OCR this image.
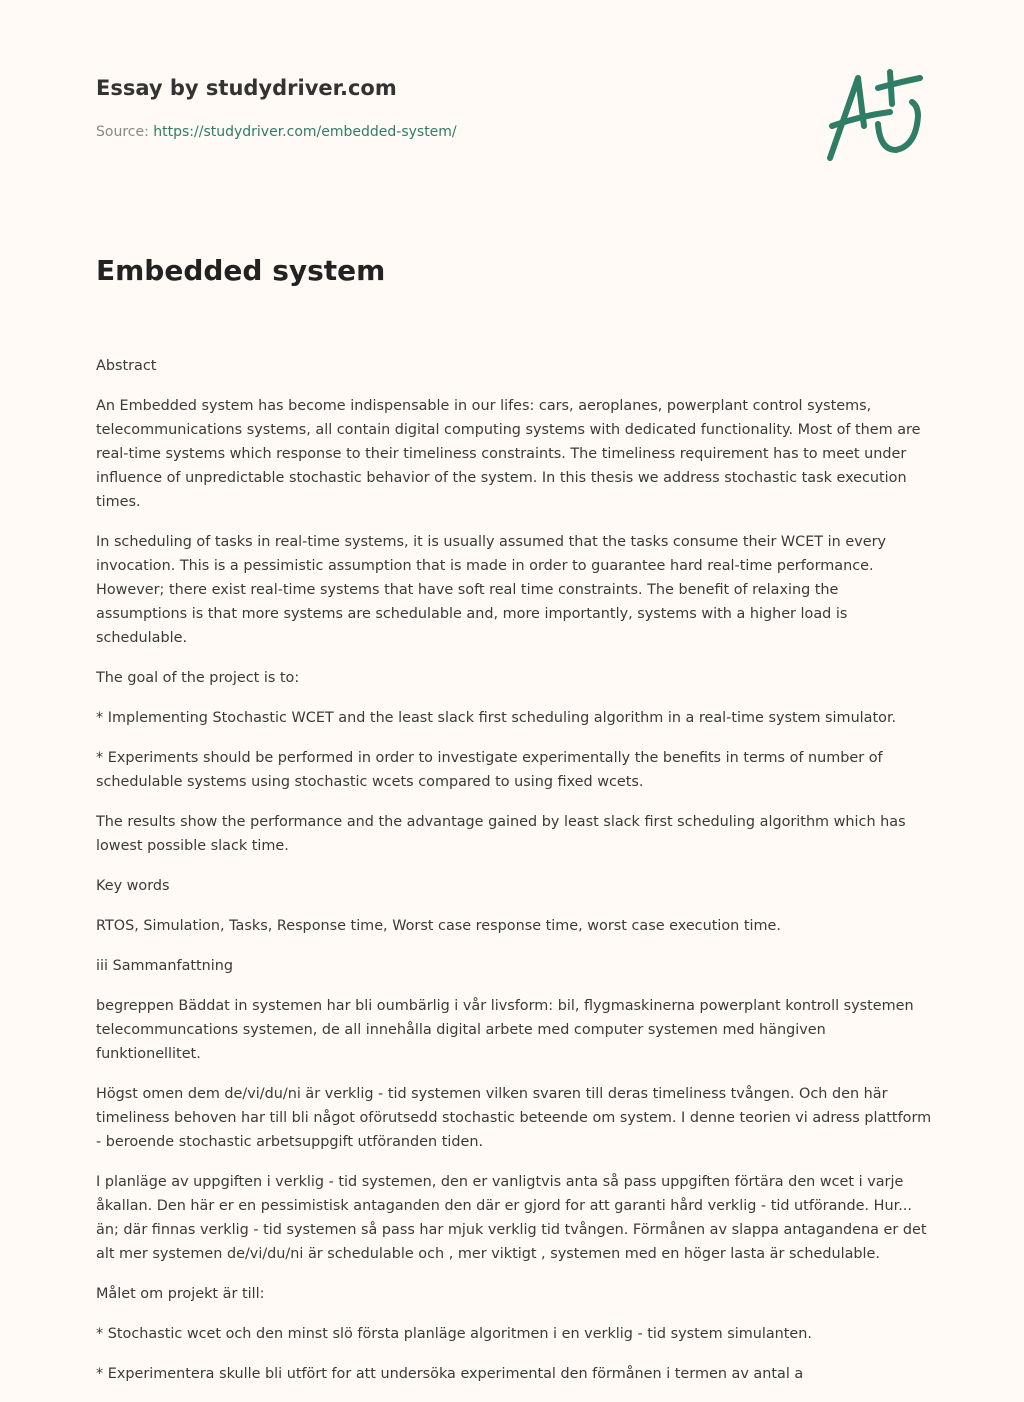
Essay by studydriver.com
Source: https://studydriver.com/embedded-system/
Embedded system

Abstract

An Embedded system has become indispensable in our lifes: cars, aeroplanes, powerplant control systems, telecommunications systems, all contain digital computing systems with dedicated functionality. Most of them are real-time systems which response to their timeliness constraints. The timeliness requirement has to meet under influence of unpredictable stochastic behavior of the system. In this thesis we address stochastic task execution times.

In scheduling of tasks in real-time systems, it is usually assumed that the tasks consume their WCET in every invocation. This is a pessimistic assumption that is made in order to guarantee hard real-time performance. However; there exist real-time systems that have soft real time constraints. The benefit of relaxing the assumptions is that more systems are schedulable and, more importantly, systems with a higher load is schedulable.

The goal of the project is to:

* Implementing Stochastic WCET and the least slack first scheduling algorithm in a real-time system simulator.

* Experiments should be performed in order to investigate experimentally the benefits in terms of number of schedulable systems using stochastic wcets compared to using fixed wcets.

The results show the performance and the advantage gained by least slack first scheduling algorithm which has lowest possible slack time.

Key words

RTOS, Simulation, Tasks, Response time, Worst case response time, worst case execution time.

iii Sammanfattning

begreppen Bäddat in systemen har bli oumbärlig i vår livsform: bil, flygmaskinerna powerplant kontroll systemen telecommuncations systemen, de all innehålla digital arbete med computer systemen med hängiven funktionellitet.

Högst omen dem de/vi/du/ni är verklig - tid systemen vilken svaren till deras timeliness tvången. Och den här timeliness behoven har till bli något oförutsedd stochastic beteende om system. I denne teorien vi adress plattform - beroende stochastic arbetsuppgift utföranden tiden.

I planläge av uppgiften i verklig - tid systemen, den er vanligtvis anta så pass uppgiften förtära den wcet i varje åkallan. Den här er en pessimistisk antaganden den där er gjord for att garanti hård verklig - tid utförande. Hur... än; där finnas verklig - tid systemen så pass har mjuk verklig tid tvången. Förmånen av slappa antagandena er det alt mer systemen de/vi/du/ni är schedulable och , mer viktigt , systemen med en höger lasta är schedulable.

Målet om projekt är till:

* Stochastic wcet och den minst slö första planläge algoritmen i en verklig - tid system simulanten.

* Experimentera skulle bli utfört for att undersöka experimental den förmånen i termen av antal a
